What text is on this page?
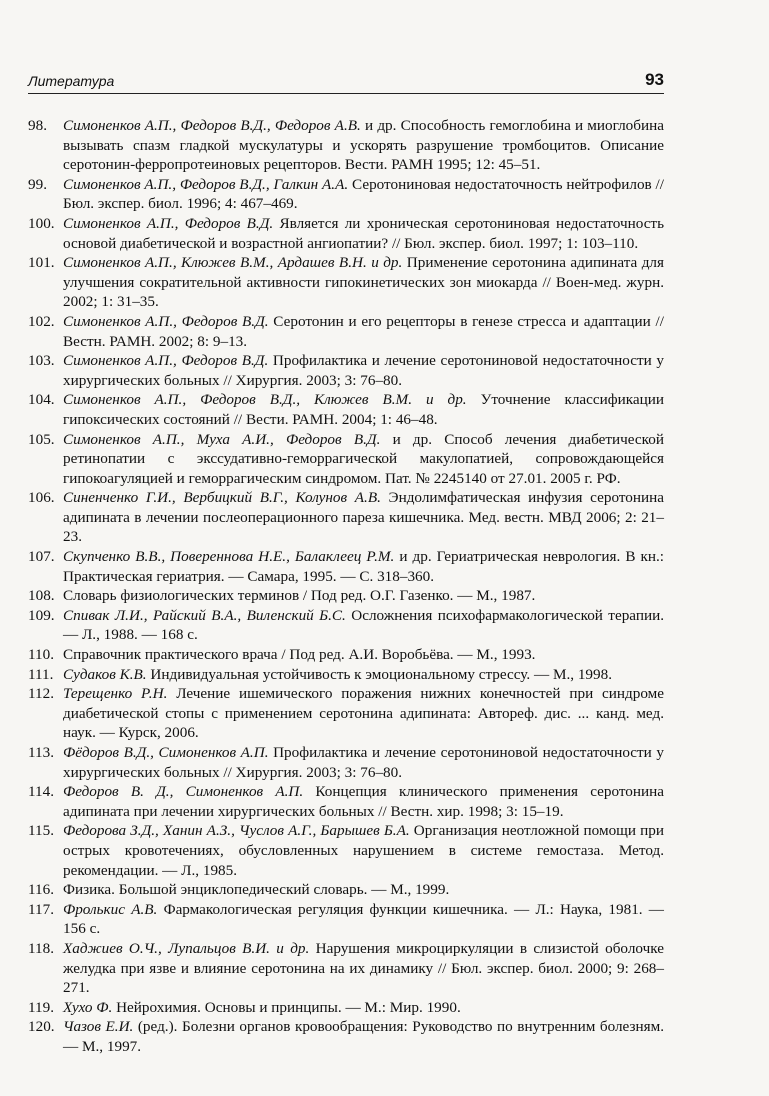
Литература	93
98. Симоненков А.П., Федоров В.Д., Федоров А.В. и др. Способность гемоглобина и миоглобина вызывать спазм гладкой мускулатуры и ускорять разрушение тромбоцитов. Описание серотонин-ферропротеиновых рецепторов. Вести. РАМН 1995; 12: 45–51.
99. Симоненков А.П., Федоров В.Д., Галкин А.А. Серотониновая недостаточность нейтрофилов // Бюл. экспер. биол. 1996; 4: 467–469.
100. Симоненков А.П., Федоров В.Д. Является ли хроническая серотониновая недостаточность основой диабетической и возрастной ангиопатии? // Бюл. экспер. биол. 1997; 1: 103–110.
101. Симоненков А.П., Клюжев В.М., Ардашев В.Н. и др. Применение серотонина адипината для улучшения сократительной активности гипокинетических зон миокарда // Воен-мед. журн. 2002; 1: 31–35.
102. Симоненков А.П., Федоров В.Д. Серотонин и его рецепторы в генезе стресса и адаптации // Вестн. РАМН. 2002; 8: 9–13.
103. Симоненков А.П., Федоров В.Д. Профилактика и лечение серотониновой недостаточности у хирургических больных // Хирургия. 2003; 3: 76–80.
104. Симоненков А.П., Федоров В.Д., Клюжев В.М. и др. Уточнение классификации гипоксических состояний // Вести. РАМН. 2004; 1: 46–48.
105. Симоненков А.П., Муха А.И., Федоров В.Д. и др. Способ лечения диабетической ретинопатии с экссудативно-геморрагической макулопатией, сопровождающейся гипокоагуляцией и геморрагическим синдромом. Пат. № 2245140 от 27.01. 2005 г. РФ.
106. Синенченко Г.И., Вербицкий В.Г., Колунов А.В. Эндолимфатическая инфузия серотонина адипината в лечении послеоперационного пареза кишечника. Мед. вестн. МВД 2006; 2: 21–23.
107. Скупченко В.В., Поверенновa Н.Е., Балаклеец Р.М. и др. Гериатрическая неврология. В кн.: Практическая гериатрия. — Самара, 1995. — С. 318–360.
108. Словарь физиологических терминов / Под ред. О.Г. Газенко. — М., 1987.
109. Спивак Л.И., Райский В.А., Виленский Б.С. Осложнения психофармакологической терапии. — Л., 1988. — 168 с.
110. Справочник практического врача / Под ред. А.И. Воробьёва. — М., 1993.
111. Судаков К.В. Индивидуальная устойчивость к эмоциональному стрессу. — М., 1998.
112. Терещенко Р.Н. Лечение ишемического поражения нижних конечностей при синдроме диабетической стопы с применением серотонина адипината: Автореф. дис. ... канд. мед. наук. — Курск, 2006.
113. Фёдоров В.Д., Симоненков А.П. Профилактика и лечение серотониновой недостаточности у хирургических больных // Хирургия. 2003; 3: 76–80.
114. Федоров В. Д., Симоненков А.П. Концепция клинического применения серотонина адипината при лечении хирургических больных // Вестн. хир. 1998; 3: 15–19.
115. Федорова З.Д., Ханин А.З., Чуслов А.Г., Барышев Б.А. Организация неотложной помощи при острых кровотечениях, обусловленных нарушением в системе гемостаза. Метод. рекомендации. — Л., 1985.
116. Физика. Большой энциклопедический словарь. — М., 1999.
117. Фролькис А.В. Фармакологическая регуляция функции кишечника. — Л.: Наука, 1981. — 156 с.
118. Хаджиев О.Ч., Лупальцов В.И. и др. Нарушения микроциркуляции в слизистой оболочке желудка при язве и влияние серотонина на их динамику // Бюл. экспер. биол. 2000; 9: 268–271.
119. Хухо Ф. Нейрохимия. Основы и принципы. — М.: Мир. 1990.
120. Чазов Е.И. (ред.). Болезни органов кровообращения: Руководство по внутренним болезням. — М., 1997.
